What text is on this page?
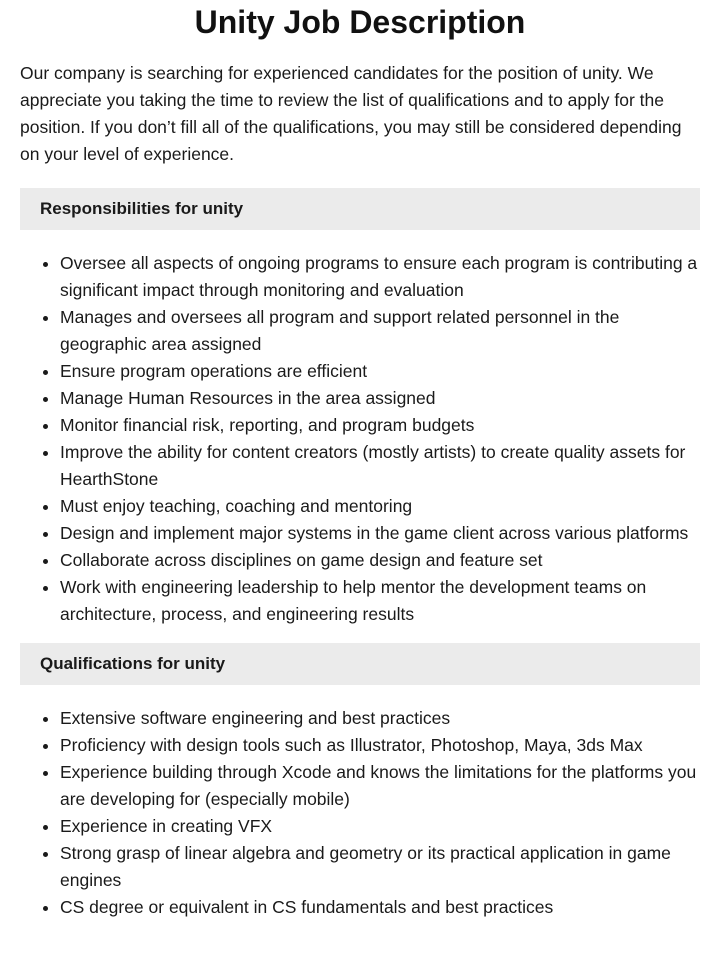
Unity Job Description

Our company is searching for experienced candidates for the position of unity. We appreciate you taking the time to review the list of qualifications and to apply for the position. If you don’t fill all of the qualifications, you may still be considered depending on your level of experience.

Responsibilities for unity
• Oversee all aspects of ongoing programs to ensure each program is contributing a significant impact through monitoring and evaluation
• Manages and oversees all program and support related personnel in the geographic area assigned
• Ensure program operations are efficient
• Manage Human Resources in the area assigned
• Monitor financial risk, reporting, and program budgets
• Improve the ability for content creators (mostly artists) to create quality assets for HearthStone
• Must enjoy teaching, coaching and mentoring
• Design and implement major systems in the game client across various platforms
• Collaborate across disciplines on game design and feature set
• Work with engineering leadership to help mentor the development teams on architecture, process, and engineering results
Qualifications for unity
• Extensive software engineering and best practices
• Proficiency with design tools such as Illustrator, Photoshop, Maya, 3ds Max
• Experience building through Xcode and knows the limitations for the platforms you are developing for (especially mobile)
• Experience in creating VFX
• Strong grasp of linear algebra and geometry or its practical application in game engines
• CS degree or equivalent in CS fundamentals and best practices
